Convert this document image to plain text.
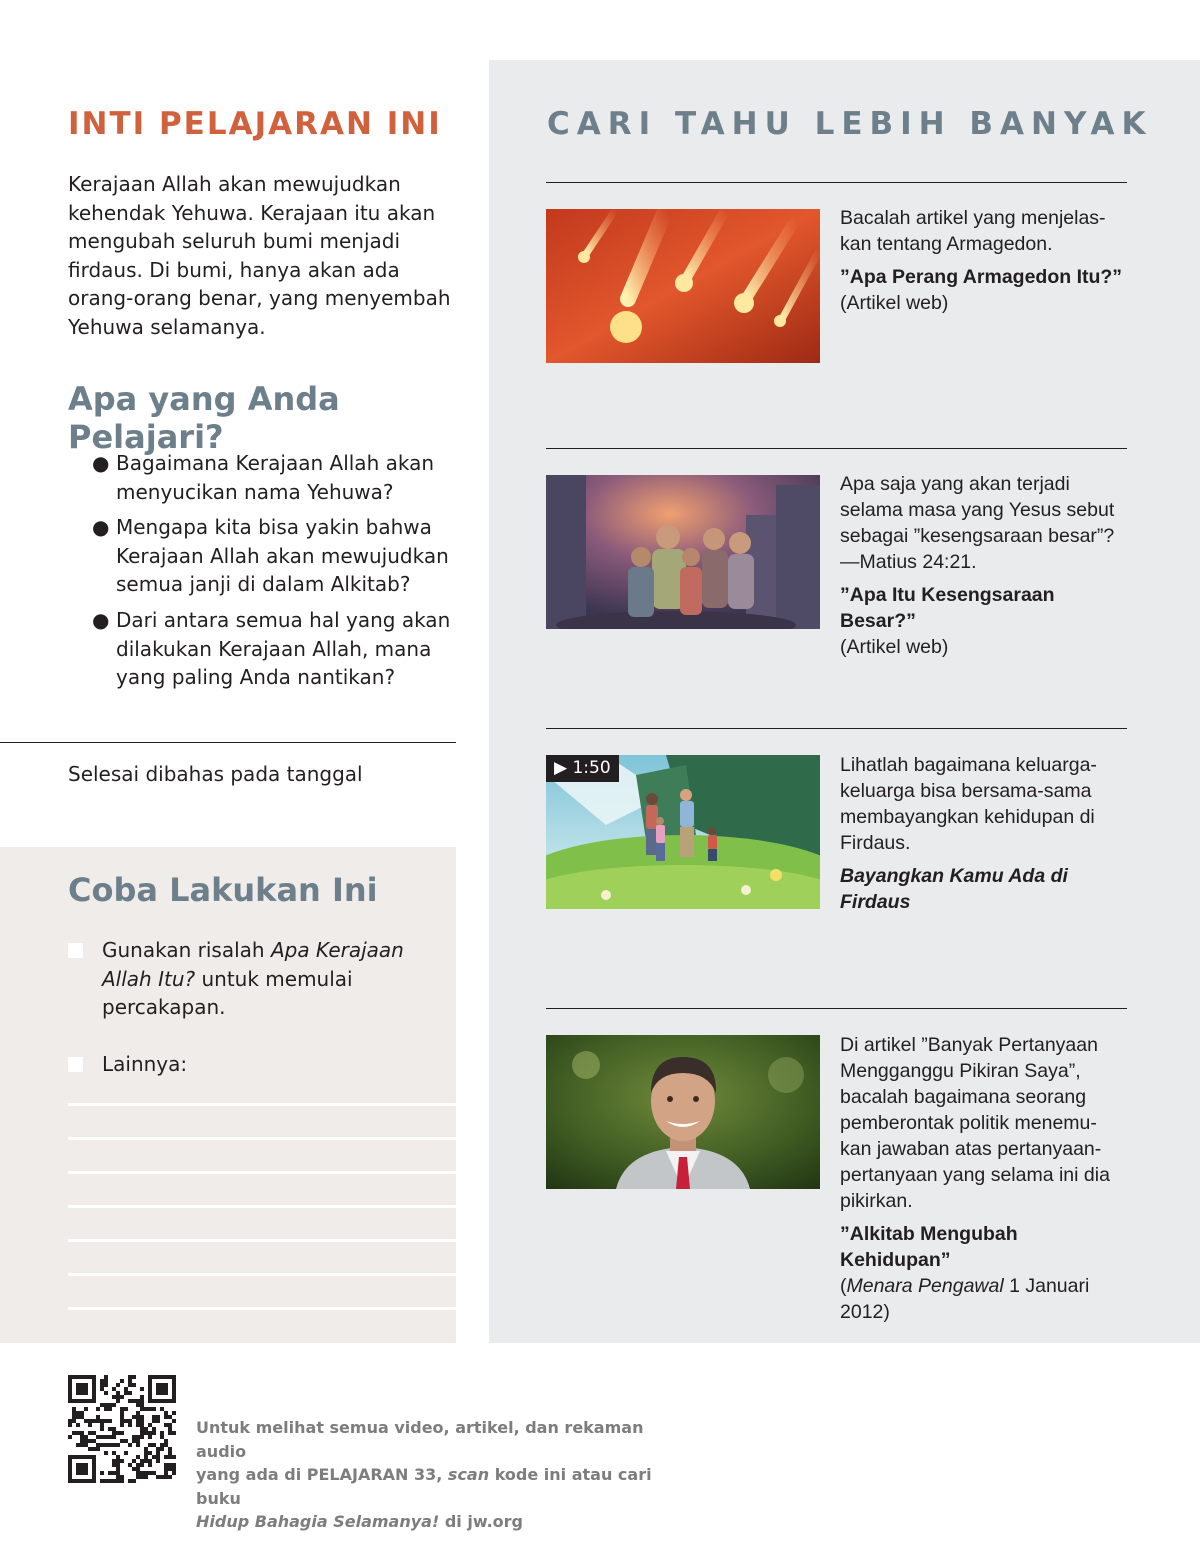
INTI PELAJARAN INI

Kerajaan Allah akan mewujudkan kehendak Yehuwa. Kerajaan itu akan mengubah seluruh bumi menjadi firdaus. Di bumi, hanya akan ada orang-orang benar, yang menyembah Yehuwa selamanya.

Apa yang Anda Pelajari?
● Bagaimana Kerajaan Allah akan menyucikan nama Yehuwa?
● Mengapa kita bisa yakin bahwa Kerajaan Allah akan mewujudkan semua janji di dalam Alkitab?
● Dari antara semua hal yang akan dilakukan Kerajaan Allah, mana yang paling Anda nantikan?

Selesai dibahas pada tanggal

Coba Lakukan Ini
Gunakan risalah Apa Kerajaan Allah Itu? untuk memulai percakapan.
Lainnya:
CARI TAHU LEBIH BANYAK
Bacalah artikel yang menjelas-kan tentang Armagedon.
”Apa Perang Armagedon Itu?”
(Artikel web)
Apa saja yang akan terjadi selama masa yang Yesus sebut sebagai ”kesengsaraan besar”?—Matius 24:21.
”Apa Itu Kesengsaraan Besar?”
(Artikel web)
▶ 1:50	Lihatlah bagaimana keluarga-keluarga bisa bersama-sama membayangkan kehidupan di Firdaus.
Bayangkan Kamu Ada di Firdaus
Di artikel ”Banyak Pertanyaan Mengganggu Pikiran Saya”, bacalah bagaimana seorang pemberontak politik menemu-kan jawaban atas pertanyaan-pertanyaan yang selama ini dia pikirkan.
”Alkitab Mengubah Kehidupan”
(Menara Pengawal 1 Januari 2012)

Untuk melihat semua video, artikel, dan rekaman audio
yang ada di PELAJARAN 33, scan kode ini atau cari buku
Hidup Bahagia Selamanya! di jw.org
